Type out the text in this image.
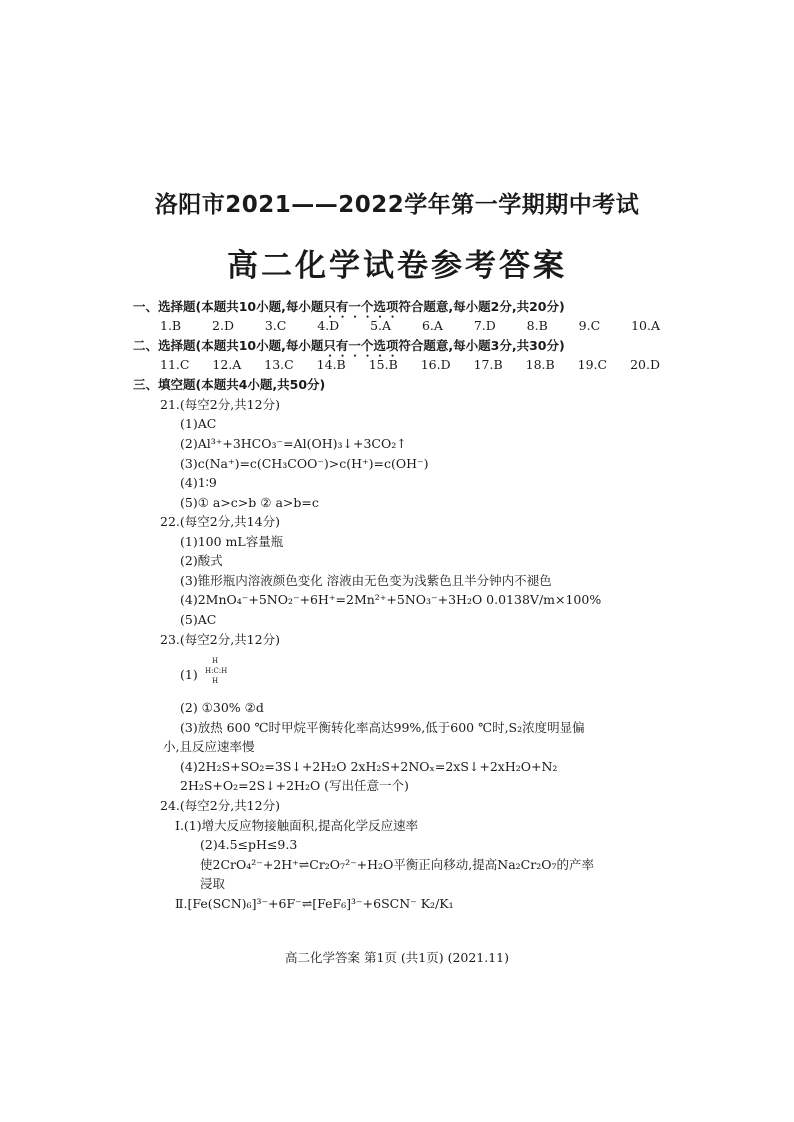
洛阳市2021——2022学年第一学期期中考试
高二化学试卷参考答案
一、选择题(本题共10小题,每小题只有一个选项符合题意,每小题2分,共20分)
1.B 2.D 3.C 4.D 5.A 6.A 7.D 8.B 9.C 10.A
二、选择题(本题共10小题,每小题只有一个选项符合题意,每小题3分,共30分)
11.C 12.A 13.C 14.B 15.B 16.D 17.B 18.B 19.C 20.D
三、填空题(本题共4小题,共50分)
21.(每空2分,共12分)
(1)AC
(2)Al³⁺+3HCO₃⁻=Al(OH)₃↓+3CO₂↑
(3)c(Na⁺)=c(CH₃COO⁻)>c(H⁺)=c(OH⁻)
(4)1∶9
(5)① a>c>b ② a>b=c
22.(每空2分,共14分)
(1)100 mL容量瓶
(2)酸式
(3)锥形瓶内溶液颜色变化 溶液由无色变为浅紫色且半分钟内不褪色
(4)2MnO₄⁻+5NO₂⁻+6H⁺=2Mn²⁺+5NO₃⁻+3H₂O 0.0138V/m×100%
(5)AC
23.(每空2分,共12分)
(1)
H
H:C:H
H
(2) ①30% ②d
(3)放热 600 ℃时甲烷平衡转化率高达99%,低于600 ℃时,S₂浓度明显偏
小,且反应速率慢
(4)2H₂S+SO₂=3S↓+2H₂O 2xH₂S+2NOₓ=2xS↓+2xH₂O+N₂
2H₂S+O₂=2S↓+2H₂O (写出任意一个)
24.(每空2分,共12分)
Ⅰ.(1)增大反应物接触面积,提高化学反应速率
(2)4.5≤pH≤9.3
使2CrO₄²⁻+2H⁺⇌Cr₂O₇²⁻+H₂O平衡正向移动,提高Na₂Cr₂O₇的产率
浸取
Ⅱ.[Fe(SCN)₆]³⁻+6F⁻⇌[FeF₆]³⁻+6SCN⁻ K₂/K₁
高二化学答案 第1页 (共1页) (2021.11)
